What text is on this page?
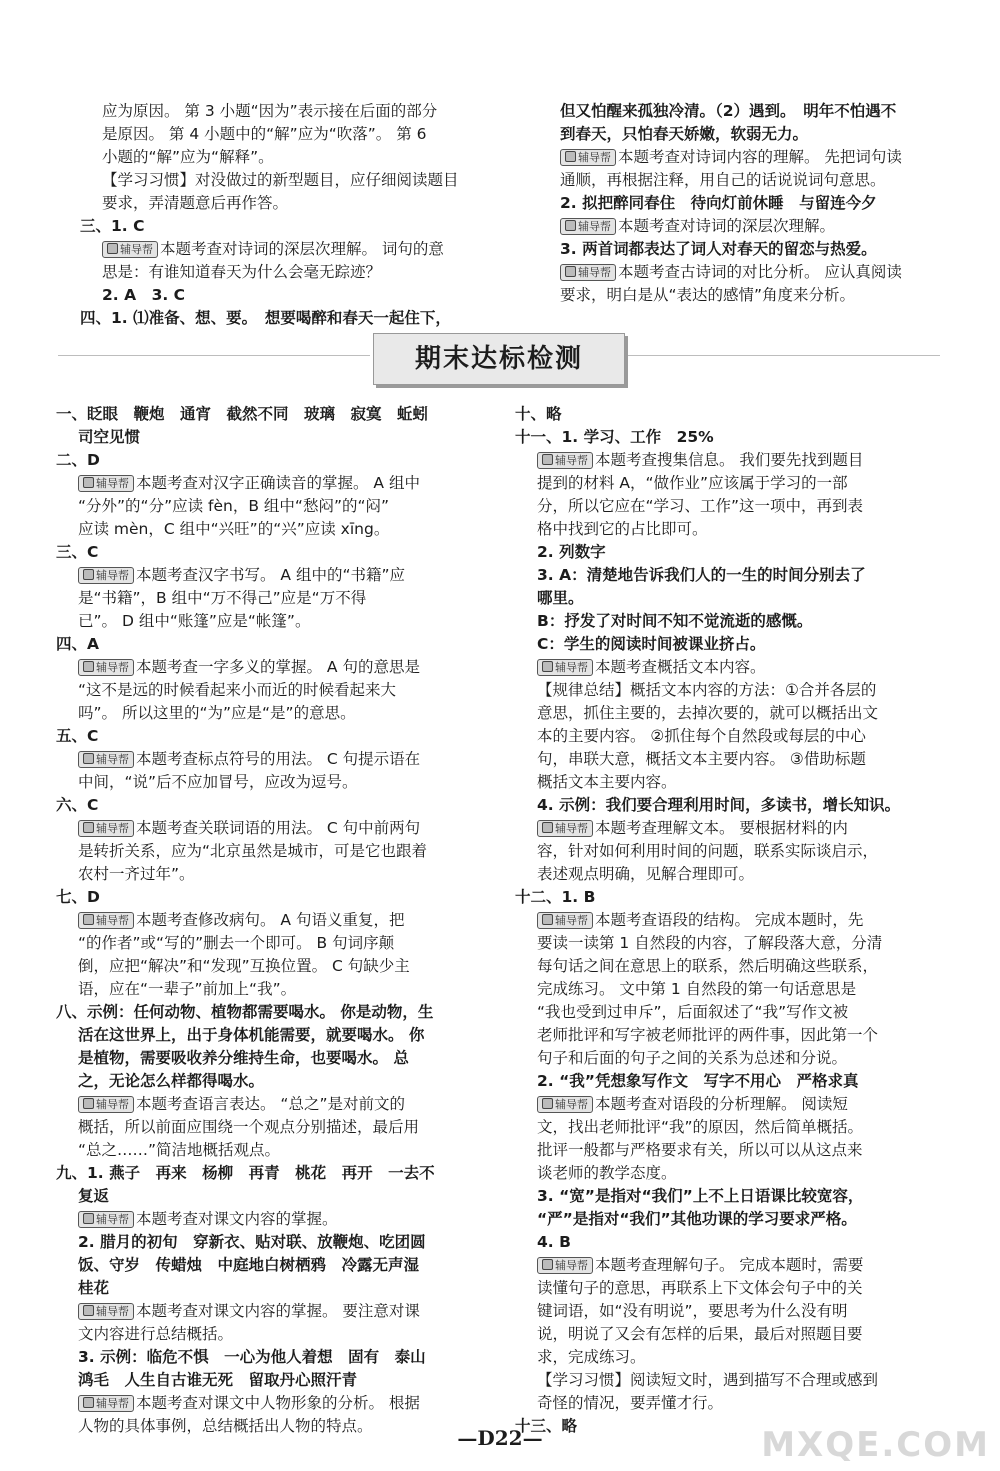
应为原因。 第 3 小题“因为”表示接在后面的部分
是原因。 第 4 小题中的“解”应为“吹落”。 第 6
小题的“解”应为“解释”。
【学习习惯】对没做过的新型题目，应仔细阅读题目
要求，弄清题意后再作答。
三、1. C
辅导帮 本题考查对诗词的深层次理解。 词句的意
思是：有谁知道春天为什么会毫无踪迹？
2. A　3. C
四、1. ⑴准备、想、要。　想要喝醉和春天一起住下，
但又怕醒来孤独冷清。（2）遇到。　明年不怕遇不
到春天，只怕春天娇嫩，软弱无力。
辅导帮 本题考查对诗词内容的理解。 先把词句读
通顺，再根据注释，用自己的话说说词句意思。
2. 拟把醉同春住　待向灯前休睡　与留连今夕
辅导帮 本题考查对诗词的深层次理解。
3. 两首词都表达了词人对春天的留恋与热爱。
辅导帮 本题考查古诗词的对比分析。 应认真阅读
要求，明白是从“表达的感情”角度来分析。
期末达标检测
一、眨眼　鞭炮　通宵　截然不同　玻璃　寂寞　蚯蚓
司空见惯
二、D
辅导帮 本题考查对汉字正确读音的掌握。 A 组中
“分外”的“分”应读 fèn，B 组中“愁闷”的“闷”
应读 mèn，C 组中“兴旺”的“兴”应读 xīng。
三、C
辅导帮 本题考查汉字书写。 A 组中的“书籍”应
是“书籍”，B 组中“万不得己”应是“万不得
已”。 D 组中“账篷”应是“帐篷”。
四、A
辅导帮 本题考查一字多义的掌握。 A 句的意思是
“这不是远的时候看起来小而近的时候看起来大
吗”。 所以这里的“为”应是“是”的意思。
五、C
辅导帮 本题考查标点符号的用法。 C 句提示语在
中间，“说”后不应加冒号，应改为逗号。
六、C
辅导帮 本题考查关联词语的用法。 C 句中前两句
是转折关系，应为“北京虽然是城市，可是它也跟着
农村一齐过年”。
七、D
辅导帮 本题考查修改病句。 A 句语义重复，把
“的作者”或“写的”删去一个即可。 B 句词序颠
倒，应把“解决”和“发现”互换位置。 C 句缺少主
语，应在“一辈子”前加上“我”。
八、示例：任何动物、植物都需要喝水。 你是动物，生
活在这世界上，出于身体机能需要，就要喝水。 你
是植物，需要吸收养分维持生命，也要喝水。 总
之，无论怎么样都得喝水。
辅导帮 本题考查语言表达。 “总之”是对前文的
概括，所以前面应围绕一个观点分别描述，最后用
“总之……”简洁地概括观点。
九、1. 燕子　再来　杨柳　再青　桃花　再开　一去不
复返
辅导帮 本题考查对课文内容的掌握。
2. 腊月的初旬　穿新衣、贴对联、放鞭炮、吃团圆
饭、守岁　传蜡烛　中庭地白树栖鸦　冷露无声湿
桂花
辅导帮 本题考查对课文内容的掌握。 要注意对课
文内容进行总结概括。
3. 示例：临危不惧　一心为他人着想　固有　泰山
鸿毛　人生自古谁无死　留取丹心照汗青
辅导帮 本题考查对课文中人物形象的分析。 根据
人物的具体事例，总结概括出人物的特点。
十、略
十一、1. 学习、工作　25%
辅导帮 本题考查搜集信息。 我们要先找到题目
提到的材料 A，“做作业”应该属于学习的一部
分，所以它应在“学习、工作”这一项中，再到表
格中找到它的占比即可。
2. 列数字
3. A：清楚地告诉我们人的一生的时间分别去了
哪里。
B：抒发了对时间不知不觉流逝的感慨。
C：学生的阅读时间被课业挤占。
辅导帮 本题考查概括文本内容。
【规律总结】概括文本内容的方法：①合并各层的
意思，抓住主要的，去掉次要的，就可以概括出文
本的主要内容。 ②抓住每个自然段或每层的中心
句，串联大意，概括文本主要内容。 ③借助标题
概括文本主要内容。
4. 示例：我们要合理利用时间，多读书，增长知识。
辅导帮 本题考查理解文本。 要根据材料的内
容，针对如何利用时间的问题，联系实际谈启示，
表述观点明确，见解合理即可。
十二、1. B
辅导帮 本题考查语段的结构。 完成本题时，先
要读一读第 1 自然段的内容，了解段落大意，分清
每句话之间在意思上的联系，然后明确这些联系，
完成练习。 文中第 1 自然段的第一句话意思是
“我也受到过申斥”，后面叙述了“我”写作文被
老师批评和写字被老师批评的两件事，因此第一个
句子和后面的句子之间的关系为总述和分说。
2. “我”凭想象写作文　写字不用心　严格求真
辅导帮 本题考查对语段的分析理解。 阅读短
文，找出老师批评“我”的原因，然后简单概括。
批评一般都与严格要求有关，所以可以从这点来
谈老师的教学态度。
3. “宽”是指对“我们”上不上日语课比较宽容，
“严”是指对“我们”其他功课的学习要求严格。
4. B
辅导帮 本题考查理解句子。 完成本题时，需要
读懂句子的意思，再联系上下文体会句子中的关
键词语，如“没有明说”，要思考为什么没有明
说，明说了又会有怎样的后果，最后对照题目要
求，完成练习。
【学习习惯】阅读短文时，遇到描写不合理或感到
奇怪的情况，要弄懂才行。
十三、略
—D22—	MXQE.COM
